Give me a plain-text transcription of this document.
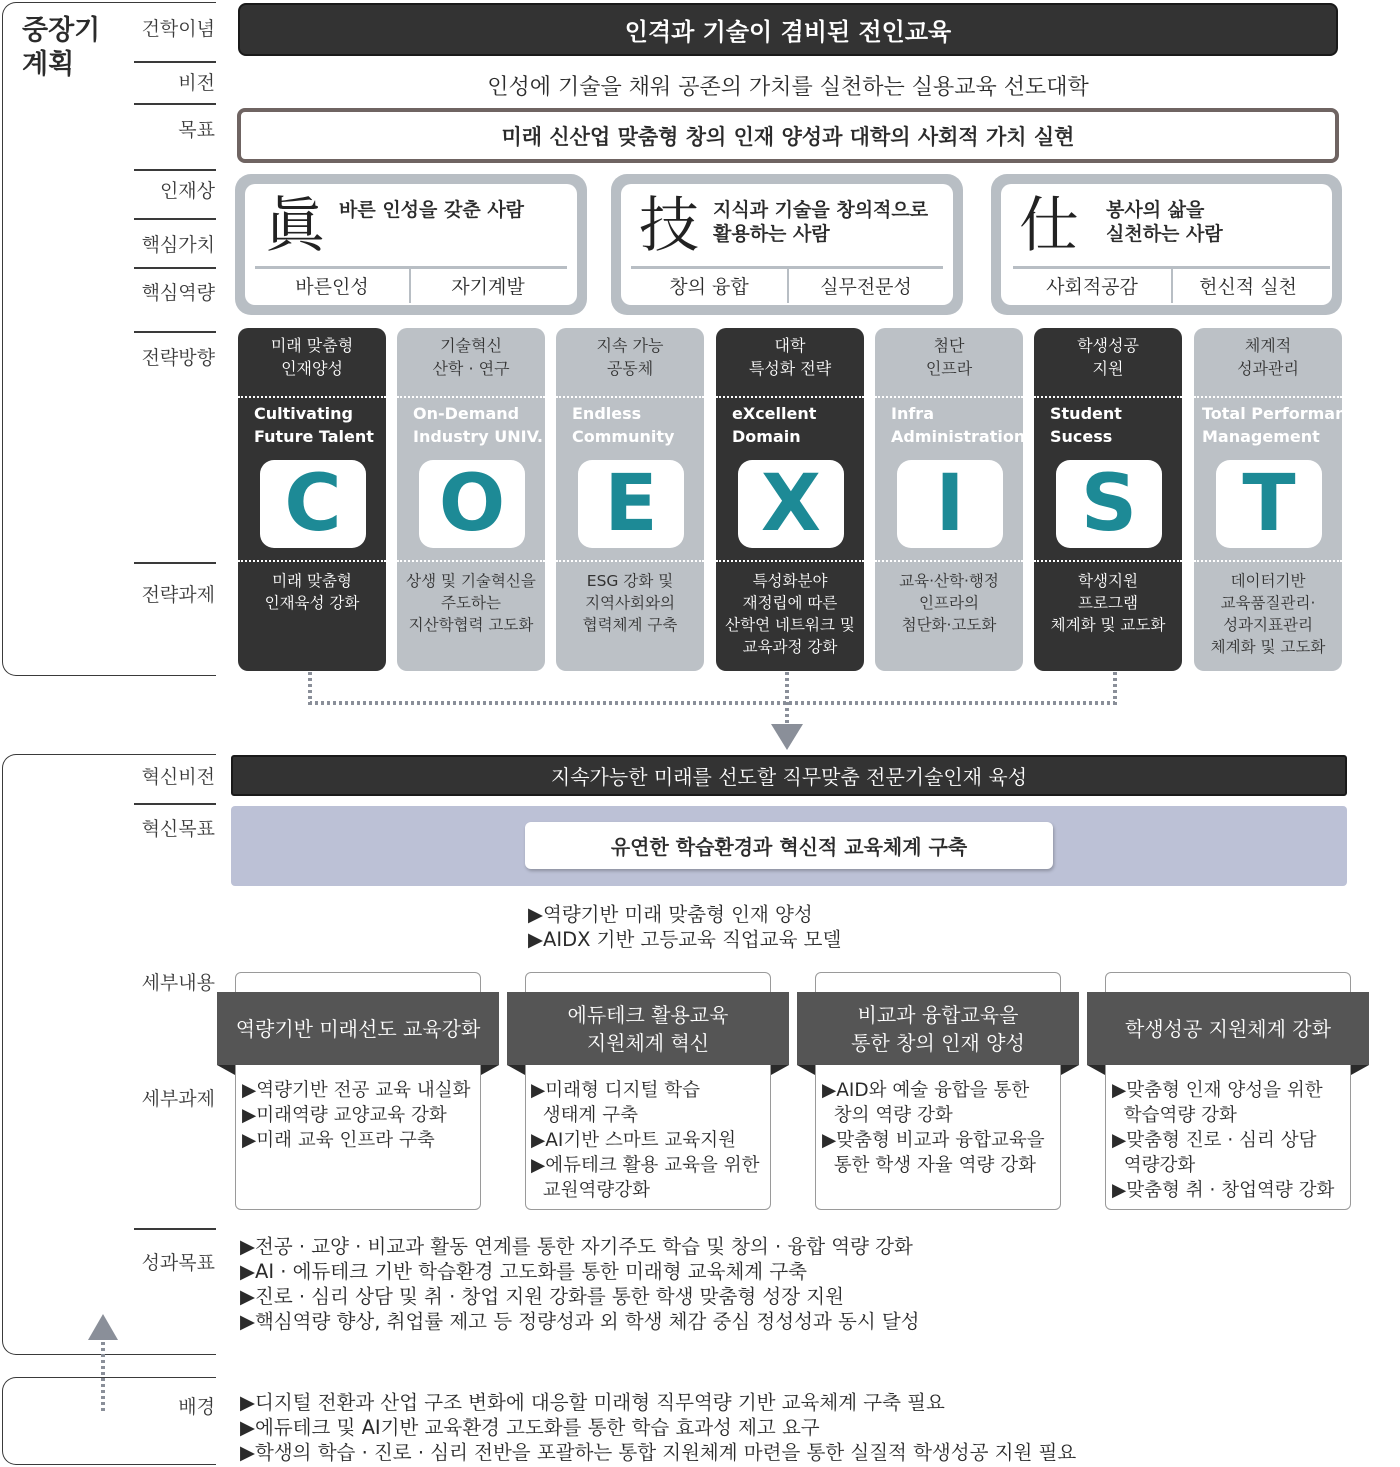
중장기
계획
건학이념
비전
목표
인재상
핵심가치
핵심역량
전략방향
전략과제
인격과 기술이 겸비된 전인교육
인성에 기술을 채워 공존의 가치를 실천하는 실용교육 선도대학
미래 신산업 맞춤형 창의 인재 양성과 대학의 사회적 가치 실현
眞 바른 인성을 갖춘 사람
바른인성	자기계발
技 지식과 기술을 창의적으로
활용하는 사람
창의 융합	실무전문성
仕 봉사의 삶을
실천하는 사람
사회적공감	헌신적 실천
미래 맞춤형
인재양성
Cultivating
Future Talent
C
미래 맞춤형
인재육성 강화
기술혁신
산학 · 연구
On-Demand
Industry UNIV.
O
상생 및 기술혁신을
주도하는
지산학협력 고도화
지속 가능
공동체
Endless
Community
E
ESG 강화 및
지역사회와의
협력체계 구축
대학
특성화 전략
eXcellent
Domain
X
특성화분야
재정립에 따른
산학연 네트워크 및
교육과정 강화
첨단
인프라
Infra
Administration
I
교육·산학·행정
인프라의
첨단화·고도화
학생성공
지원
Student
Sucess
S
학생지원
프로그램
체계화 및 교도화
체계적
성과관리
Total Performance
Management
T
데이터기반
교육품질관리·
성과지표관리
체계화 및 고도화
혁신비전
혁신목표
세부내용
세부과제
성과목표
지속가능한 미래를 선도할 직무맞춤 전문기술인재 육성
유연한 학습환경과 혁신적 교육체계 구축
▶역량기반 미래 맞춤형 인재 양성
▶AIDX 기반 고등교육 직업교육 모델
역량기반 미래선도 교육강화
에듀테크 활용교육
지원체계 혁신
비교과 융합교육을
통한 창의 인재 양성
학생성공 지원체계 강화
▶역량기반 전공 교육 내실화
▶미래역량 교양교육 강화
▶미래 교육 인프라 구축
▶미래형 디지털 학습
생태계 구축
▶AI기반 스마트 교육지원
▶에듀테크 활용 교육을 위한
교원역량강화
▶AID와 예술 융합을 통한
창의 역량 강화
▶맞춤형 비교과 융합교육을
통한 학생 자율 역량 강화
▶맞춤형 인재 양성을 위한
학습역량 강화
▶맞춤형 진로 · 심리 상담
역량강화
▶맞춤형 취 · 창업역량 강화
▶전공 · 교양 · 비교과 활동 연계를 통한 자기주도 학습 및 창의 · 융합 역량 강화
▶AI · 에듀테크 기반 학습환경 고도화를 통한 미래형 교육체계 구축
▶진로 · 심리 상담 및 취 · 창업 지원 강화를 통한 학생 맞춤형 성장 지원
▶핵심역량 향상, 취업률 제고 등 정량성과 외 학생 체감 중심 정성성과 동시 달성
배경 ▶디지털 전환과 산업 구조 변화에 대응할 미래형 직무역량 기반 교육체계 구축 필요
▶에듀테크 및 AI기반 교육환경 고도화를 통한 학습 효과성 제고 요구
▶학생의 학습 · 진로 · 심리 전반을 포괄하는 통합 지원체계 마련을 통한 실질적 학생성공 지원 필요
